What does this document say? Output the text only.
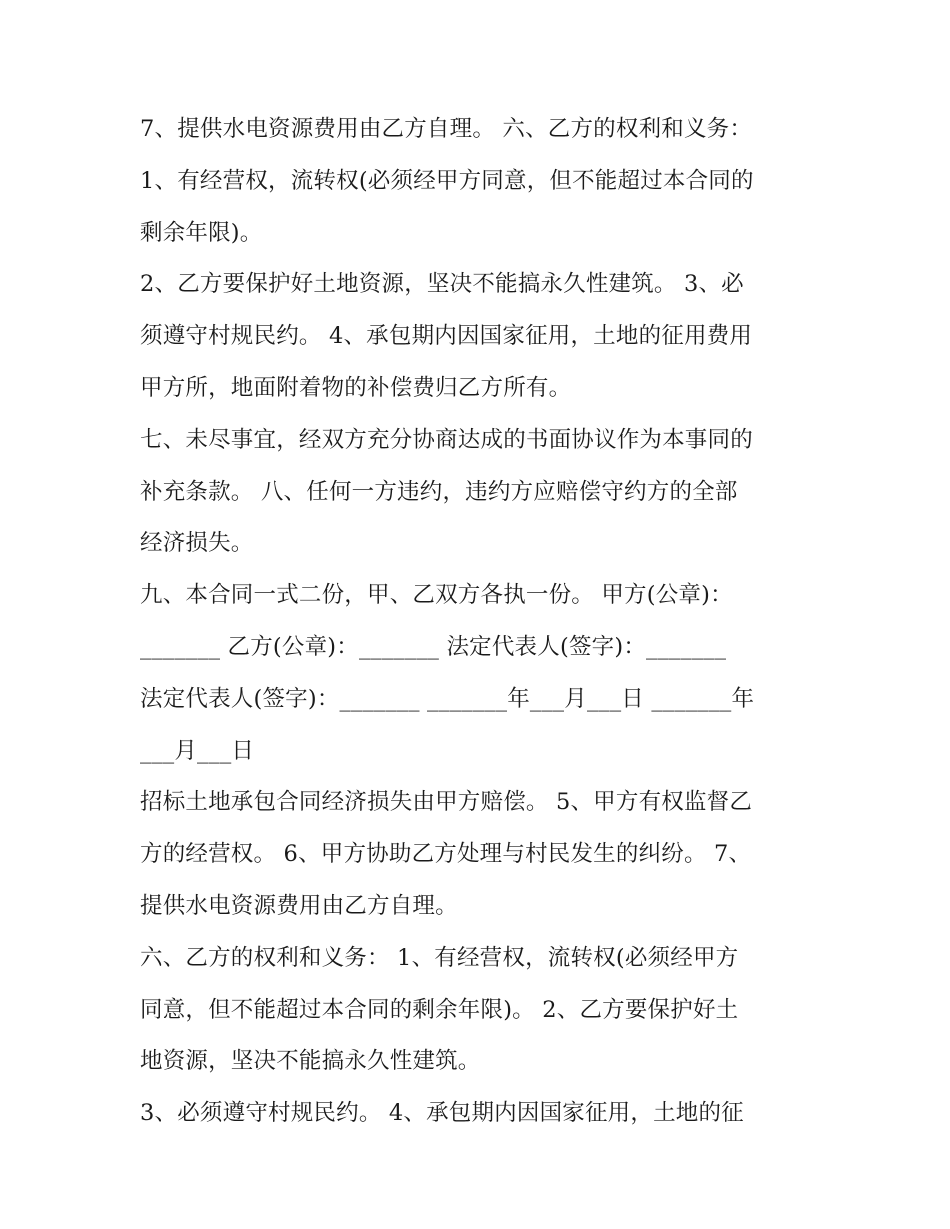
7、提供水电资源费用由乙方自理。 六、乙方的权利和义务：
1、有经营权，流转权(必须经甲方同意，但不能超过本合同的
剩余年限)。
2、乙方要保护好土地资源，坚决不能搞永久性建筑。 3、必
须遵守村规民约。 4、承包期内因国家征用，土地的征用费用
甲方所，地面附着物的补偿费归乙方所有。
七、未尽事宜，经双方充分协商达成的书面协议作为本事同的
补充条款。 八、任何一方违约，违约方应赔偿守约方的全部
经济损失。
九、本合同一式二份，甲、乙双方各执一份。 甲方(公章)：
_______ 乙方(公章)：_______ 法定代表人(签字)：_______
法定代表人(签字)：_______ _______年___月___日 _______年
___月___日
招标土地承包合同经济损失由甲方赔偿。 5、甲方有权监督乙
方的经营权。 6、甲方协助乙方处理与村民发生的纠纷。 7、
提供水电资源费用由乙方自理。
六、乙方的权利和义务： 1、有经营权，流转权(必须经甲方
同意，但不能超过本合同的剩余年限)。 2、乙方要保护好土
地资源，坚决不能搞永久性建筑。
3、必须遵守村规民约。 4、承包期内因国家征用，土地的征
